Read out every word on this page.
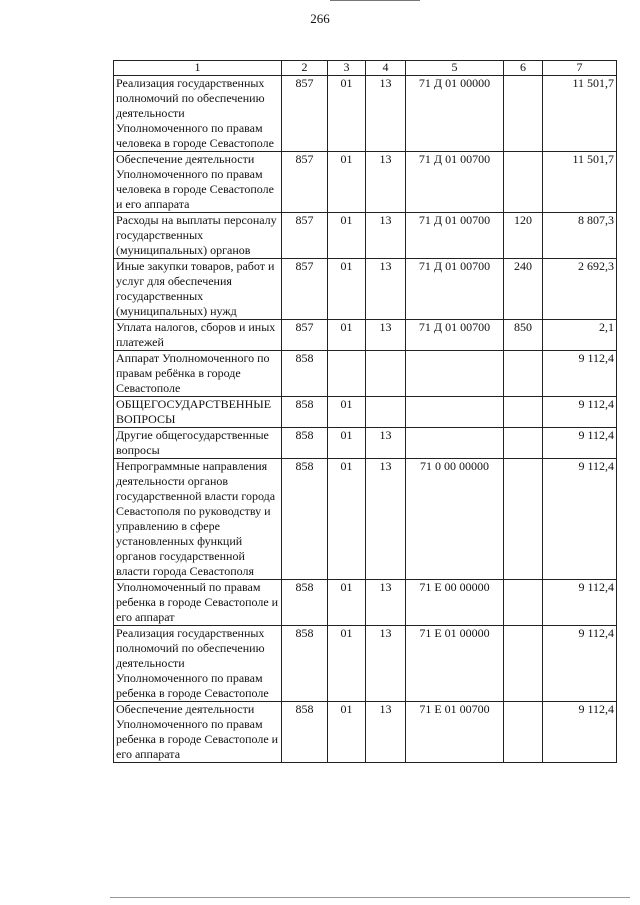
266
1	2	3	4	5	6	7
Реализация государственных полномочий по обеспечению деятельности Уполномоченного по правам человека в городе Севастополе	857	01	13	71 Д 01 00000		11 501,7
Обеспечение деятельности Уполномоченного по правам человека в городе Севастополе и его аппарата	857	01	13	71 Д 01 00700		11 501,7
Расходы на выплаты персоналу государственных (муниципальных) органов	857	01	13	71 Д 01 00700	120	8 807,3
Иные закупки товаров, работ и услуг для обеспечения государственных (муниципальных) нужд	857	01	13	71 Д 01 00700	240	2 692,3
Уплата налогов, сборов и иных платежей	857	01	13	71 Д 01 00700	850	2,1
Аппарат Уполномоченного по правам ребёнка в городе Севастополе	858					9 112,4
ОБЩЕГОСУДАРСТВЕННЫЕ ВОПРОСЫ	858	01				9 112,4
Другие общегосударственные вопросы	858	01	13			9 112,4
Непрограммные направления деятельности органов государственной власти города Севастополя по руководству и управлению в сфере установленных функций органов государственной власти города Севастополя	858	01	13	71 0 00 00000		9 112,4
Уполномоченный по правам ребенка в городе Севастополе и его аппарат	858	01	13	71 Е 00 00000		9 112,4
Реализация государственных полномочий по обеспечению деятельности Уполномоченного по правам ребенка в городе Севастополе	858	01	13	71 Е 01 00000		9 112,4
Обеспечение деятельности Уполномоченного по правам ребенка в городе Севастополе и его аппарата	858	01	13	71 Е 01 00700		9 112,4
